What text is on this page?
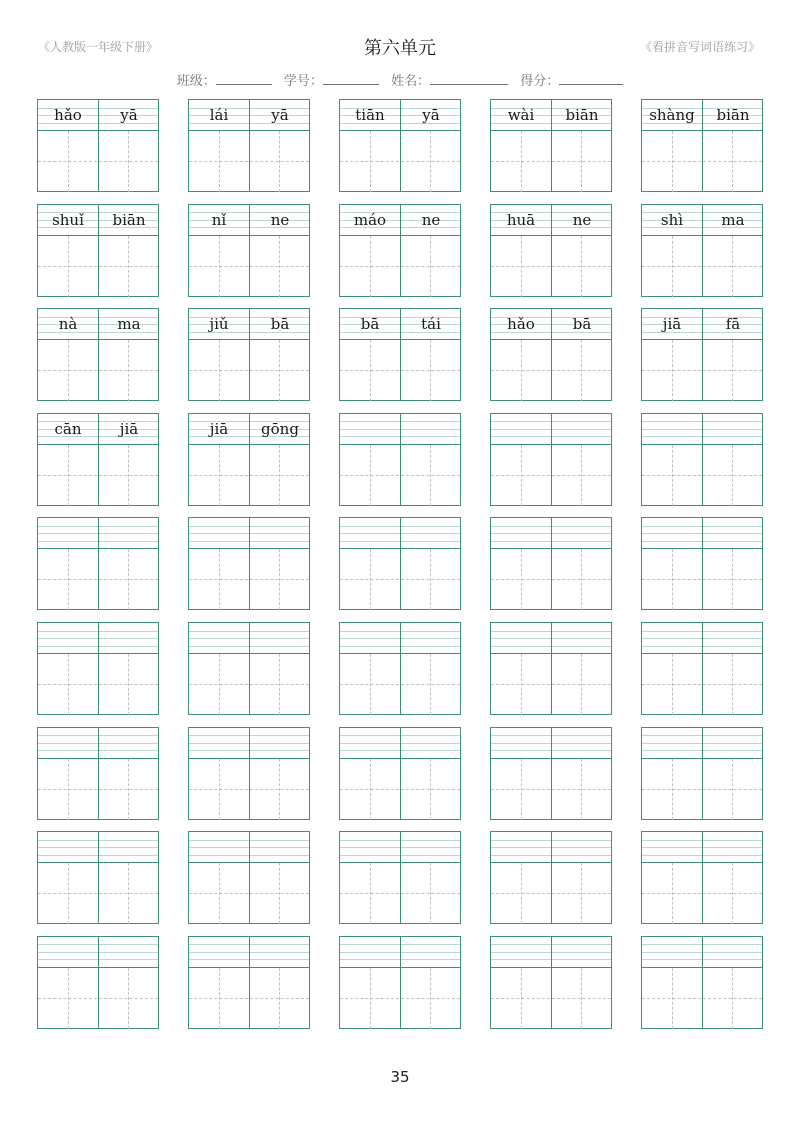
《人教版一年级下册》	第六单元	《看拼音写词语练习》
班级：	学号：	姓名：	得分：
hǎo	yā	lái	yā	tiān	yā	wài	biān	shàng	biān
shuǐ	biān	nǐ	ne	máo	ne	huā	ne	shì	ma
nà	ma	jiǔ	bā	bā	tái	hǎo	bā	jiā	fā
cān	jiā	jiā	gōng
35
